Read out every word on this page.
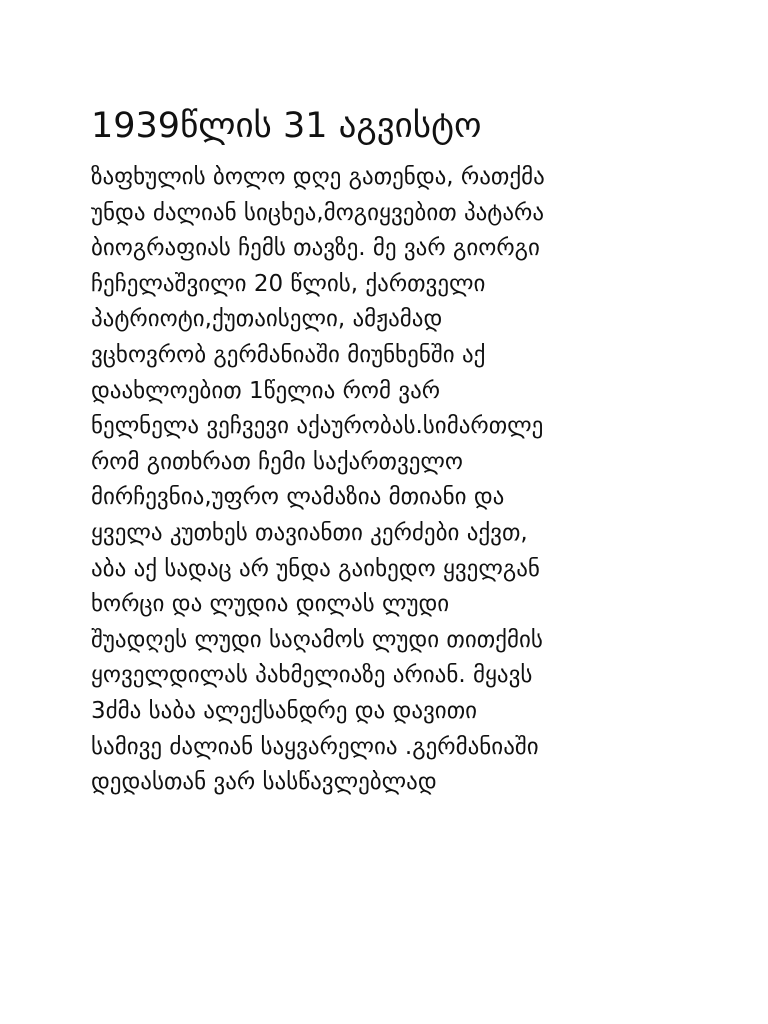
1939წლის 31 აგვისტო
ზაფხულის ბოლო დღე გათენდა, რათქმა
უნდა ძალიან სიცხეა,მოგიყვებით პატარა
ბიოგრაფიას ჩემს თავზე. მე ვარ გიორგი
ჩეჩელაშვილი 20 წლის, ქართველი
პატრიოტი,ქუთაისელი, ამჟამად
ვცხოვრობ გერმანიაში მიუნხენში აქ
დაახლოებით 1წელია რომ ვარ
ნელნელა ვეჩვევი აქაურობას.სიმართლე
რომ გითხრათ ჩემი საქართველო
მირჩევნია,უფრო ლამაზია მთიანი და
ყველა კუთხეს თავიანთი კერძები აქვთ,
აბა აქ სადაც არ უნდა გაიხედო ყველგან
ხორცი და ლუდია დილას ლუდი
შუადღეს ლუდი საღამოს ლუდი თითქმის
ყოველდილას პახმელიაზე არიან. მყავს
3ძმა საბა ალექსანდრე და დავითი
სამივე ძალიან საყვარელია .გერმანიაში
დედასთან ვარ სასწავლებლად
